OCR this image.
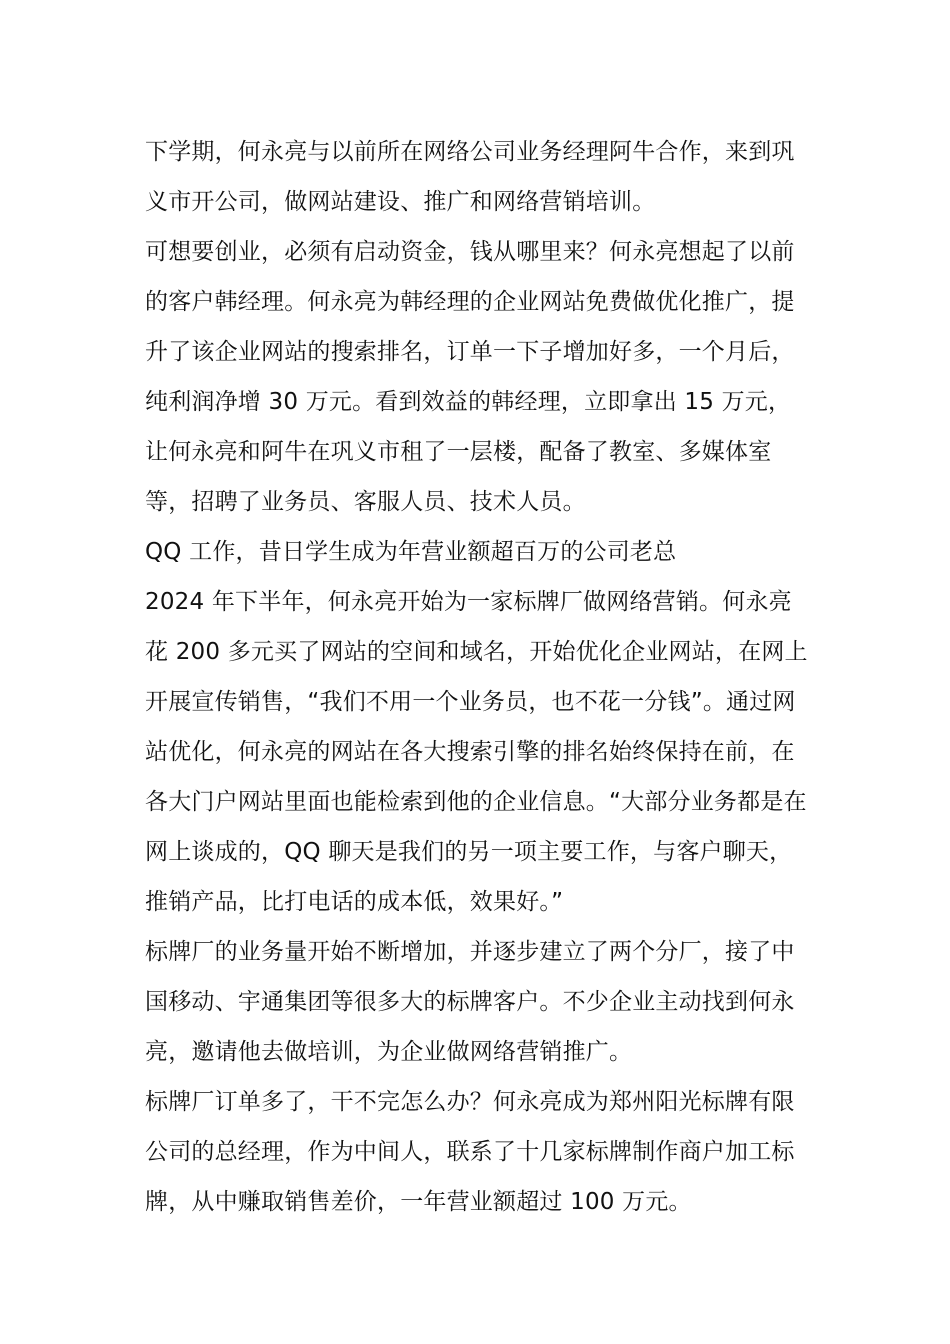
下学期，何永亮与以前所在网络公司业务经理阿牛合作，来到巩义市开公司，做网站建设、推广和网络营销培训。

可想要创业，必须有启动资金，钱从哪里来？何永亮想起了以前的客户韩经理。何永亮为韩经理的企业网站免费做优化推广，提升了该企业网站的搜索排名，订单一下子增加好多，一个月后，纯利润净增 30 万元。看到效益的韩经理，立即拿出 15 万元，让何永亮和阿牛在巩义市租了一层楼，配备了教室、多媒体室等，招聘了业务员、客服人员、技术人员。

QQ 工作，昔日学生成为年营业额超百万的公司老总

2024 年下半年，何永亮开始为一家标牌厂做网络营销。何永亮花 200 多元买了网站的空间和域名，开始优化企业网站，在网上开展宣传销售，“我们不用一个业务员，也不花一分钱”。通过网站优化，何永亮的网站在各大搜索引擎的排名始终保持在前，在各大门户网站里面也能检索到他的企业信息。“大部分业务都是在网上谈成的，QQ 聊天是我们的另一项主要工作，与客户聊天，推销产品，比打电话的成本低，效果好。”

标牌厂的业务量开始不断增加，并逐步建立了两个分厂，接了中国移动、宇通集团等很多大的标牌客户。不少企业主动找到何永亮，邀请他去做培训，为企业做网络营销推广。

标牌厂订单多了，干不完怎么办？何永亮成为郑州阳光标牌有限公司的总经理，作为中间人，联系了十几家标牌制作商户加工标牌，从中赚取销售差价，一年营业额超过 100 万元。
